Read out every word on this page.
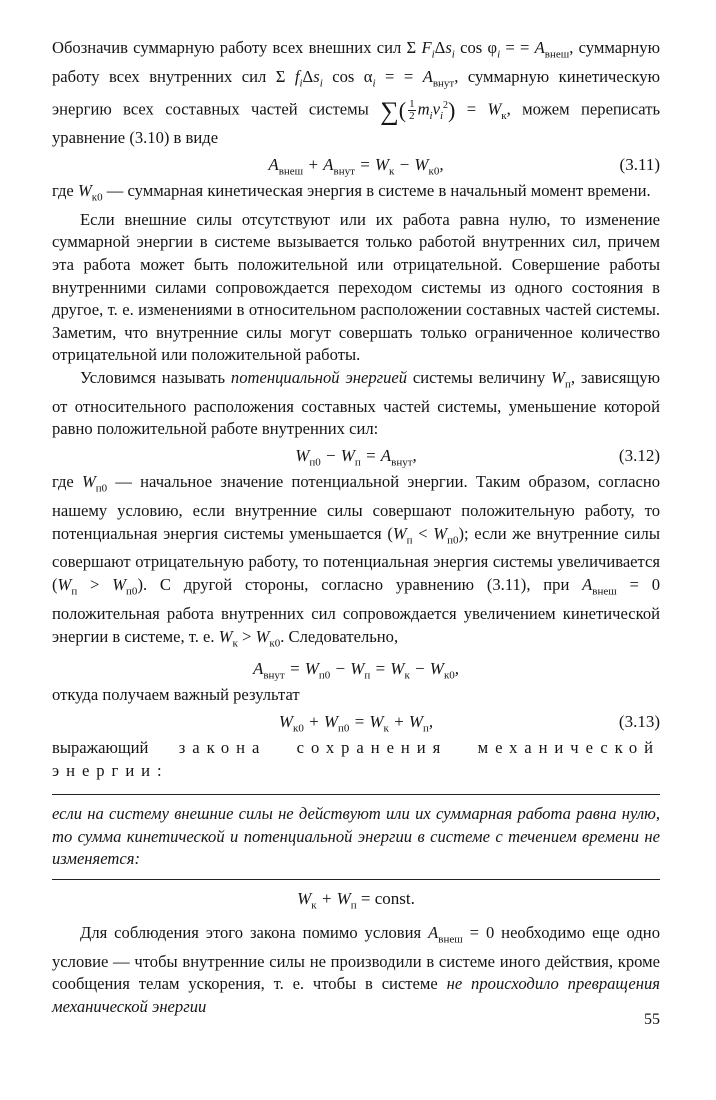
Обозначив суммарную работу всех внешних сил Σ $F_i\Delta s_i$ $\cos \varphi_i$ = = $A_{внеш}$, суммарную работу всех внутренних сил Σ $f_i\Delta s_i$ $\cos \alpha_i$ = = $A_{внут}$, суммарную кинетическую энергию всех составных частей системы ∑( $\frac{1}{2} m_iv_i^2) = W_к$, можем переписать уравнение (3.10) в виде

$A_{внеш} + A_{внут} = W_к - W_{к0}$,	(3.11)

где $W_{к0}$ — суммарная кинетическая энергия в системе в начальный момент времени.

Если внешние силы отсутствуют или их работа равна нулю, то изменение суммарной энергии в системе вызывается только работой внутренних сил, причем эта работа может быть положительной или отрицательной. Совершение работы внутренними силами сопровождается переходом системы из одного состояния в другое, т. е. изменениями в относительном расположении составных частей системы. Заметим, что внутренние силы могут совершать только ограниченное количество отрицательной или положительной работы.

Условимся называть потенциальной энергией системы величину $W_п$, зависящую от относительного расположения составных частей системы, уменьшение которой равно положительной работе внутренних сил:

$W_{п0} - W_п = A_{внут}$,	(3.12)

где $W_{п0}$ — начальное значение потенциальной энергии. Таким образом, согласно нашему условию, если внутренние силы совершают положительную работу, то потенциальная энергия системы уменьшается $(W_п < W_{п0})$; если же внутренние силы совершают отрицательную работу, то потенциальная энергия системы увеличивается $(W_п > W_{п0})$. С другой стороны, согласно уравнению (3.11), при $A_{внеш} = 0$ положительная работа внутренних сил сопровождается увеличением кинетической энергии в системе, т. е. $W_к > W_{к0}$. Следовательно,

$A_{внут} = W_{п0} - W_п = W_к - W_{к0}$,

откуда получаем важный результат

$W_{к0} + W_{п0} = W_к + W_п$,	(3.13)
выражающий закона сохранения механической
энергии:

если на систему внешние силы не действуют или их суммарная работа равна нулю, то сумма кинетической и потенциальной энергии в системе с течением времени не изменяется:

$W_к + W_п$ = const.

Для соблюдения этого закона помимо условия $A_{внеш} = 0$ необходимо еще одно условие — чтобы внутренние силы не производили в системе иного действия, кроме сообщения телам ускорения, т. е. чтобы в системе не происходило превращения механической энергии

55
